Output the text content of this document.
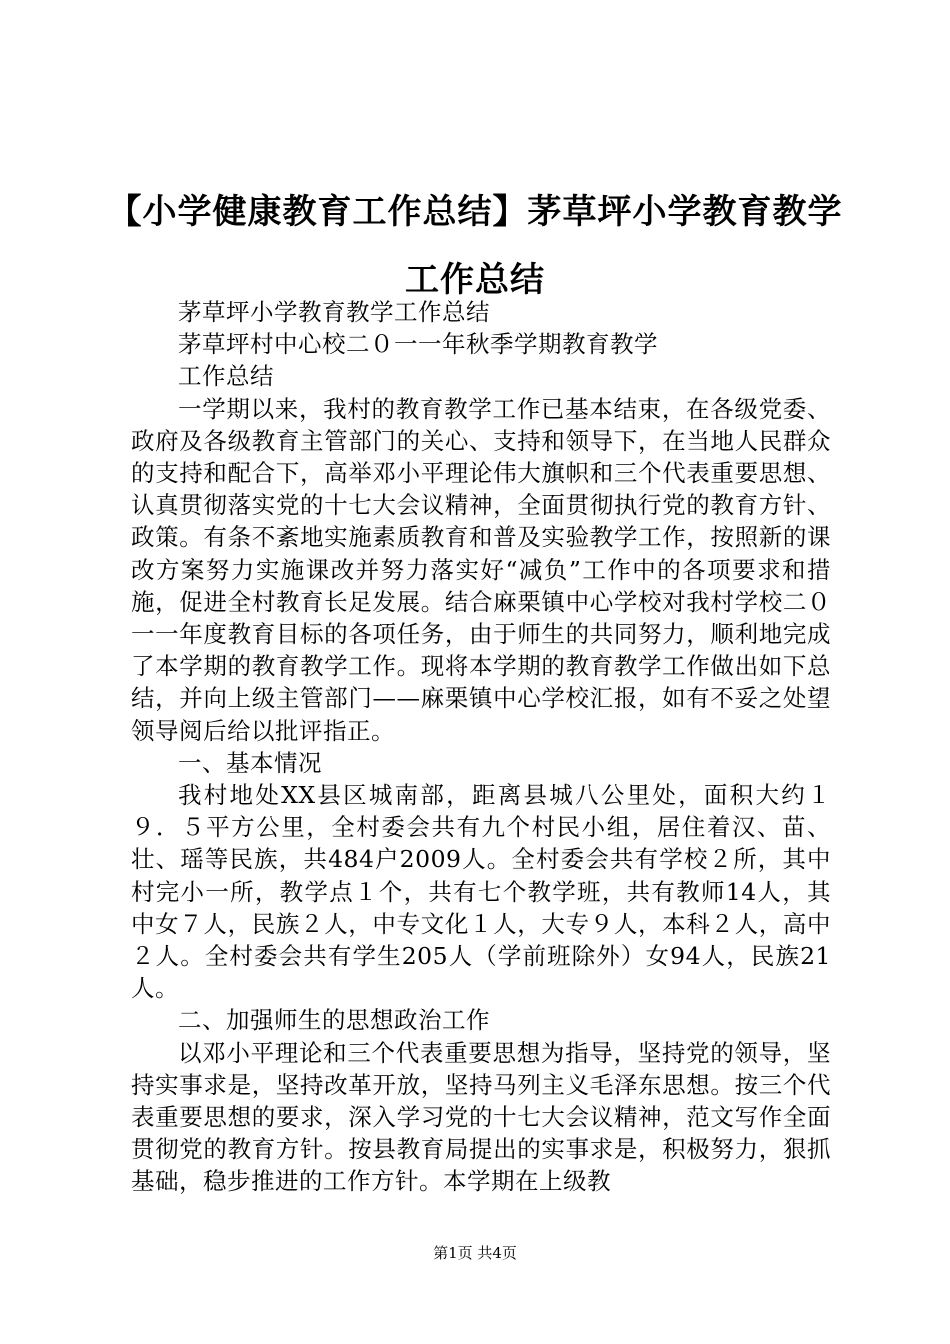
【小学健康教育工作总结】茅草坪小学教育教学工作总结

茅草坪小学教育教学工作总结

茅草坪村中心校二０一一年秋季学期教育教学

工作总结

一学期以来，我村的教育教学工作已基本结束，在各级党委、政府及各级教育主管部门的关心、支持和领导下，在当地人民群众的支持和配合下，高举邓小平理论伟大旗帜和三个代表重要思想、认真贯彻落实党的十七大会议精神，全面贯彻执行党的教育方针、政策。有条不紊地实施素质教育和普及实验教学工作，按照新的课改方案努力实施课改并努力落实好“减负”工作中的各项要求和措施，促进全村教育长足发展。结合麻栗镇中心学校对我村学校二０一一年度教育目标的各项任务，由于师生的共同努力，顺利地完成了本学期的教育教学工作。现将本学期的教育教学工作做出如下总结，并向上级主管部门——麻栗镇中心学校汇报，如有不妥之处望领导阅后给以批评指正。

一、基本情况

我村地处XX县区城南部，距离县城八公里处，面积大约１９．５平方公里，全村委会共有九个村民小组，居住着汉、苗、壮、瑶等民族，共484户2009人。全村委会共有学校２所，其中村完小一所，教学点１个，共有七个教学班，共有教师14人，其中女７人，民族２人，中专文化１人，大专９人，本科２人，高中２人。全村委会共有学生205人（学前班除外）女94人，民族21人。

二、加强师生的思想政治工作

以邓小平理论和三个代表重要思想为指导，坚持党的领导，坚持实事求是，坚持改革开放，坚持马列主义毛泽东思想。按三个代表重要思想的要求，深入学习党的十七大会议精神，范文写作全面贯彻党的教育方针。按县教育局提出的实事求是，积极努力，狠抓基础，稳步推进的工作方针。本学期在上级教

第1页 共4页
